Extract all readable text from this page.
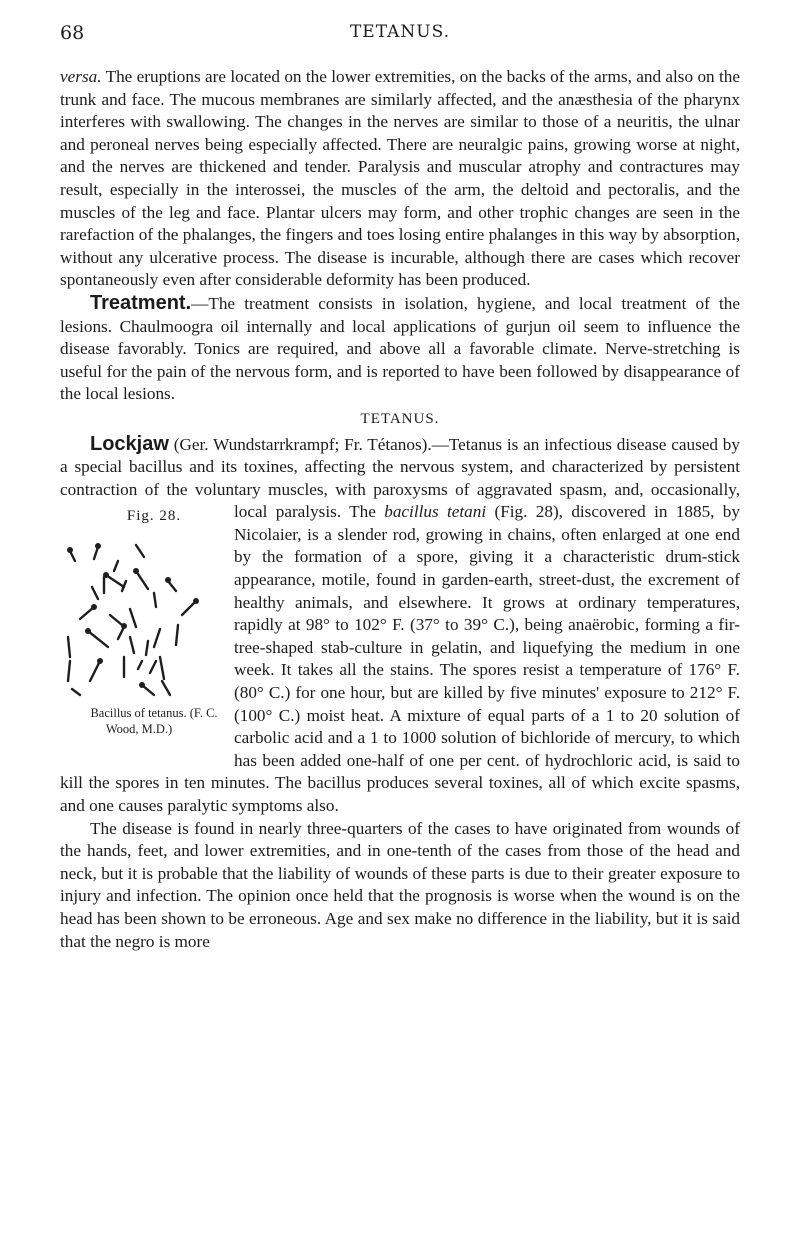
68	TETANUS.

versa. The eruptions are located on the lower extremities, on the backs of the arms, and also on the trunk and face. The mucous membranes are similarly affected, and the anæsthesia of the pharynx interferes with swallowing. The changes in the nerves are similar to those of a neuritis, the ulnar and peroneal nerves being especially affected. There are neuralgic pains, growing worse at night, and the nerves are thickened and tender. Paralysis and muscular atrophy and contractures may result, especially in the interossei, the muscles of the arm, the deltoid and pectoralis, and the muscles of the leg and face. Plantar ulcers may form, and other trophic changes are seen in the rarefaction of the phalanges, the fingers and toes losing entire phalanges in this way by absorption, without any ulcerative process. The disease is incurable, although there are cases which recover spontaneously even after considerable deformity has been produced.

Treatment.—The treatment consists in isolation, hygiene, and local treatment of the lesions. Chaulmoogra oil internally and local applications of gurjun oil seem to influence the disease favorably. Tonics are required, and above all a favorable climate. Nerve-stretching is useful for the pain of the nervous form, and is reported to have been followed by disappearance of the local lesions.

TETANUS.

Lockjaw (Ger. Wundstarrkrampf; Fr. Tétanos).—Tetanus is an infectious disease caused by a special bacillus and its toxines, affecting the nervous system, and characterized by persistent contraction of the voluntary muscles, with paroxysms of aggravated spasm, and, occasionally, local paralysis. The
Fig. 28.
Bacillus of tetanus. (F. C. Wood, M.D.)
bacillus tetani (Fig. 28), discovered in 1885, by Nicolaier, is a slender rod, growing in chains, often enlarged at one end by the formation of a spore, giving it a characteristic drum-stick appearance, motile, found in garden-earth, street-dust, the excrement of healthy animals, and elsewhere. It grows at ordinary temperatures, rapidly at 98° to 102° F. (37° to 39° C.), being anaërobic, forming a fir-tree-shaped stab-culture in gelatin, and liquefying the medium in one week. It takes all the stains. The spores resist a temperature of 176° F. (80° C.) for one hour, but are killed by five minutes' exposure to 212° F. (100° C.) moist heat. A mixture of equal parts of a 1 to 20 solution of carbolic acid and a 1 to 1000 solution of bichloride of mercury, to which has been added one-half of one per cent. of hydrochloric acid, is said to kill the spores in ten minutes. The bacillus produces several toxines, all of which excite spasms, and one causes paralytic symptoms also.

The disease is found in nearly three-quarters of the cases to have originated from wounds of the hands, feet, and lower extremities, and in one-tenth of the cases from those of the head and neck, but it is probable that the liability of wounds of these parts is due to their greater exposure to injury and infection. The opinion once held that the prognosis is worse when the wound is on the head has been shown to be erroneous. Age and sex make no difference in the liability, but it is said that the negro is more
